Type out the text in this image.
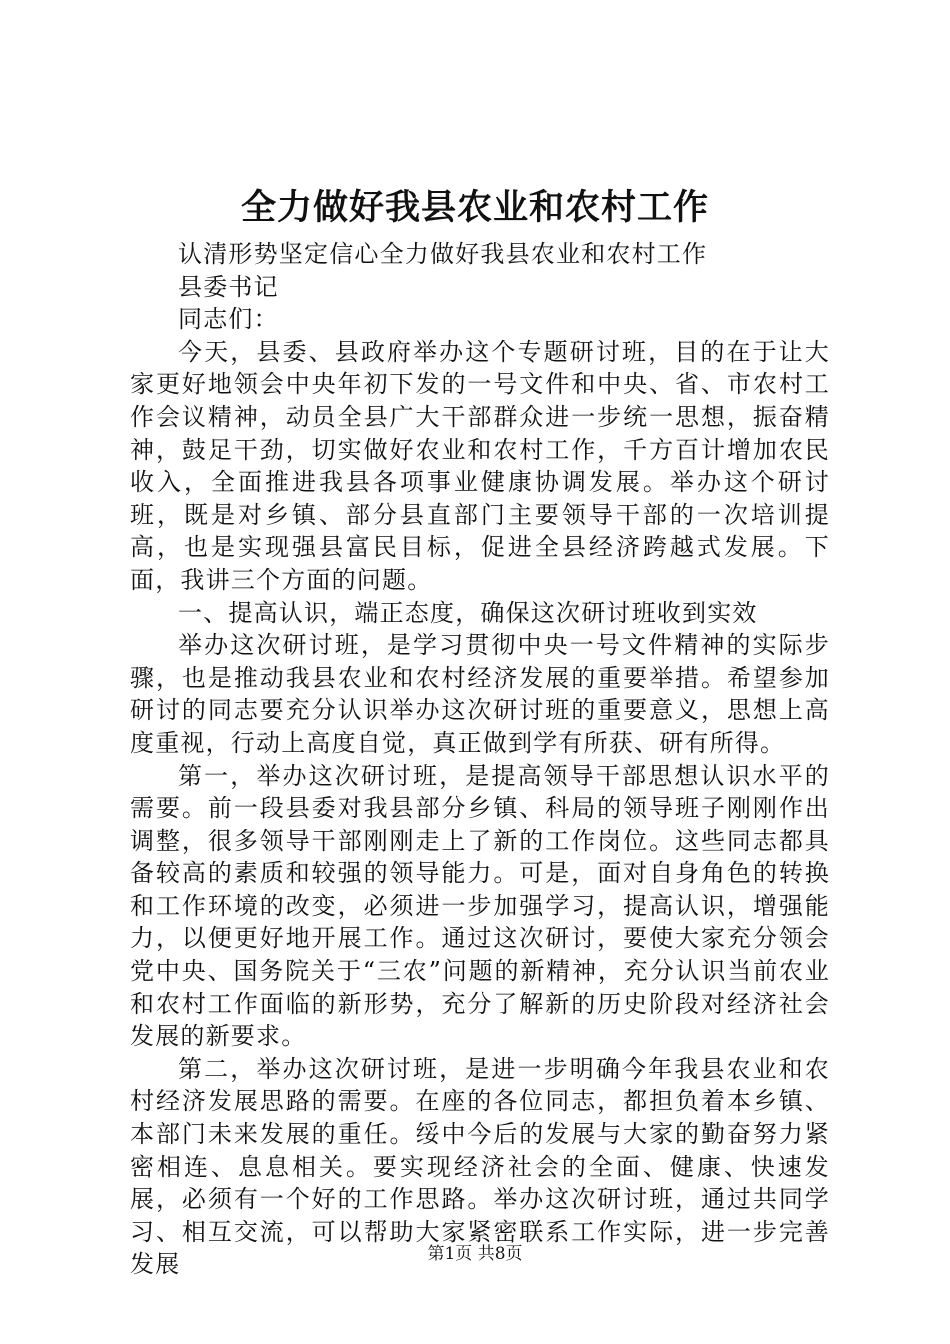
全力做好我县农业和农村工作

认清形势坚定信心全力做好我县农业和农村工作

县委书记

同志们：

今天，县委、县政府举办这个专题研讨班，目的在于让大家更好地领会中央年初下发的一号文件和中央、省、市农村工作会议精神，动员全县广大干部群众进一步统一思想，振奋精神，鼓足干劲，切实做好农业和农村工作，千方百计增加农民收入，全面推进我县各项事业健康协调发展。举办这个研讨班，既是对乡镇、部分县直部门主要领导干部的一次培训提高，也是实现强县富民目标，促进全县经济跨越式发展。下面，我讲三个方面的问题。

一、提高认识，端正态度，确保这次研讨班收到实效

举办这次研讨班，是学习贯彻中央一号文件精神的实际步骤，也是推动我县农业和农村经济发展的重要举措。希望参加研讨的同志要充分认识举办这次研讨班的重要意义，思想上高度重视，行动上高度自觉，真正做到学有所获、研有所得。

第一，举办这次研讨班，是提高领导干部思想认识水平的需要。前一段县委对我县部分乡镇、科局的领导班子刚刚作出调整，很多领导干部刚刚走上了新的工作岗位。这些同志都具备较高的素质和较强的领导能力。可是，面对自身角色的转换和工作环境的改变，必须进一步加强学习，提高认识，增强能力，以便更好地开展工作。通过这次研讨，要使大家充分领会党中央、国务院关于“三农”问题的新精神，充分认识当前农业和农村工作面临的新形势，充分了解新的历史阶段对经济社会发展的新要求。

第二，举办这次研讨班，是进一步明确今年我县农业和农村经济发展思路的需要。在座的各位同志，都担负着本乡镇、本部门未来发展的重任。绥中今后的发展与大家的勤奋努力紧密相连、息息相关。要实现经济社会的全面、健康、快速发展，必须有一个好的工作思路。举办这次研讨班，通过共同学习、相互交流，可以帮助大家紧密联系工作实际，进一步完善发展	第1页 共8页
